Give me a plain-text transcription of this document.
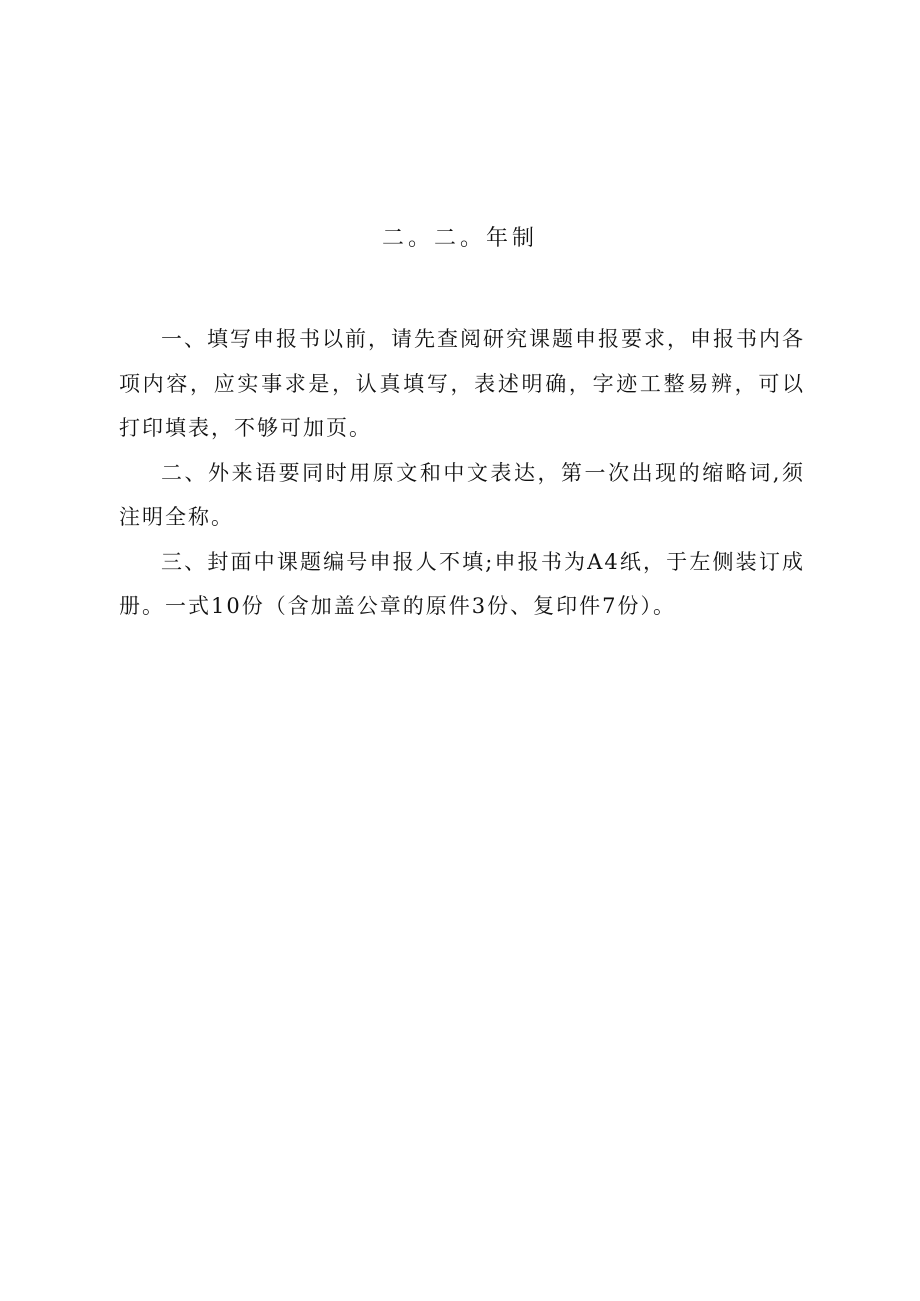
二。二。年制

一、填写申报书以前，请先查阅研究课题申报要求，申报书内各项内容，应实事求是，认真填写，表述明确，字迹工整易辨，可以打印填表，不够可加页。

二、外来语要同时用原文和中文表达，第一次出现的缩略词,须注明全称。

三、封面中课题编号申报人不填;申报书为A4纸，于左侧装订成册。一式10份（含加盖公章的原件3份、复印件7份）。
